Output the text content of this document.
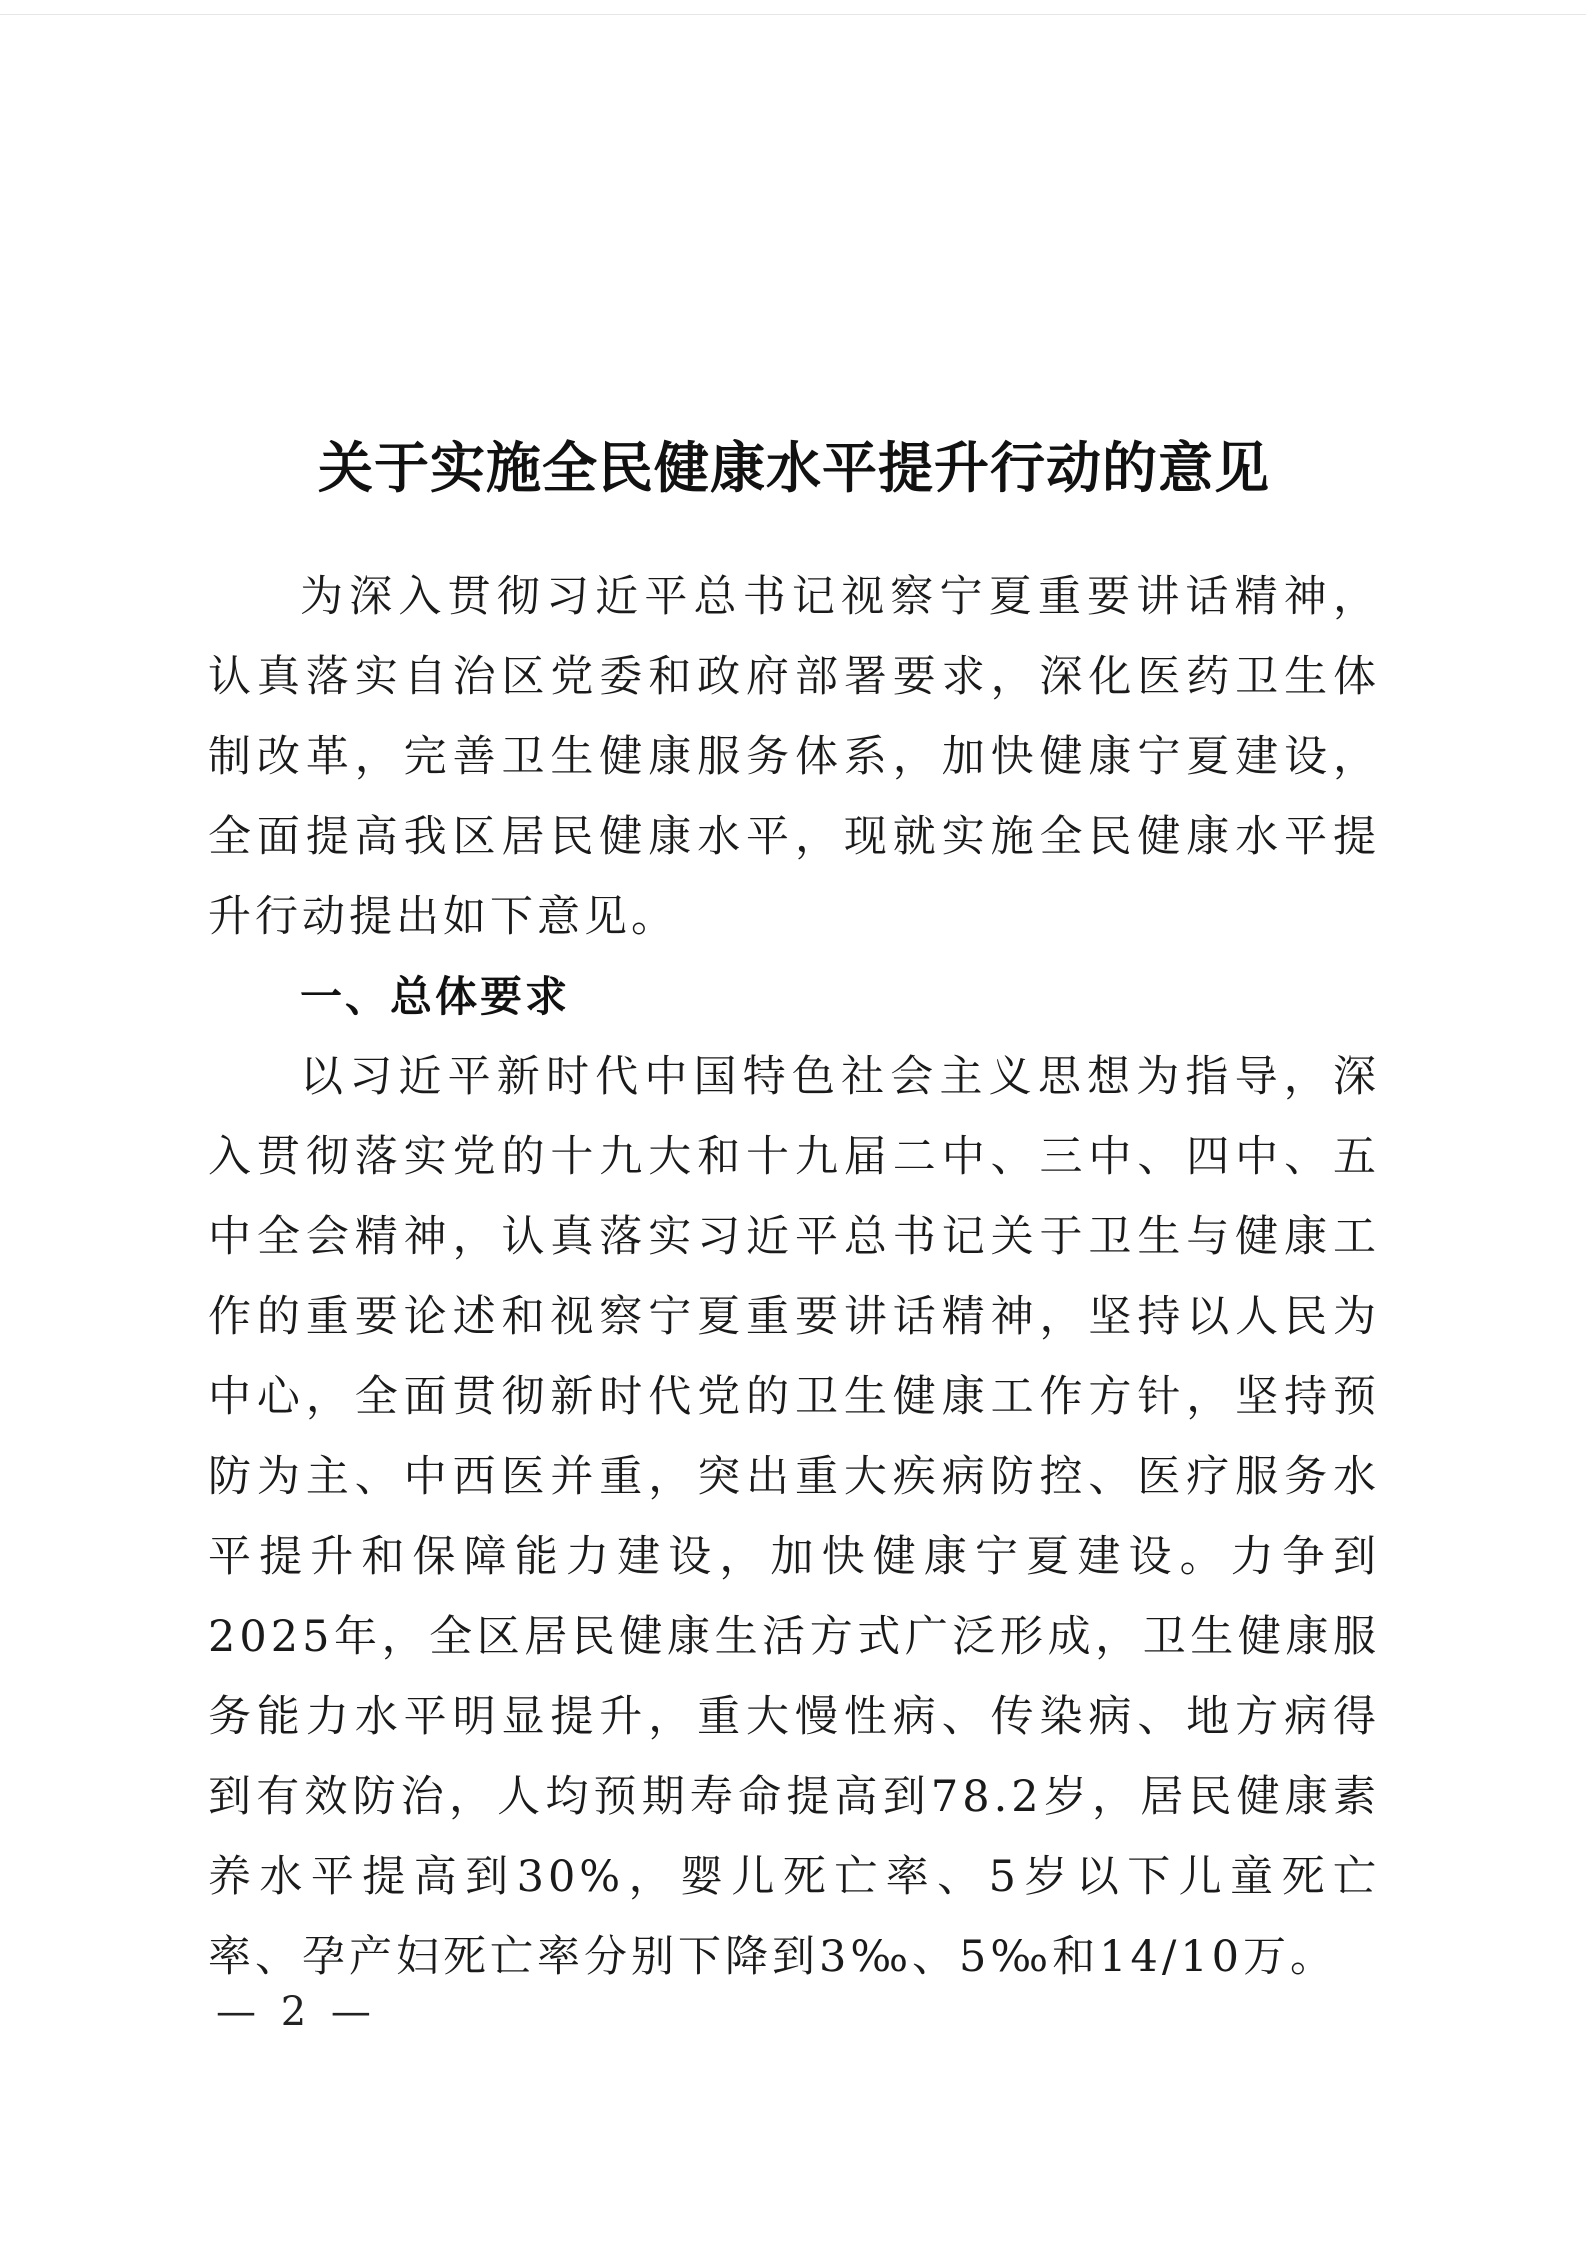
关于实施全民健康水平提升行动的意见

为深入贯彻习近平总书记视察宁夏重要讲话精神，认真落实自治区党委和政府部署要求，深化医药卫生体制改革，完善卫生健康服务体系，加快健康宁夏建设，全面提高我区居民健康水平，现就实施全民健康水平提升行动提出如下意见。

一、总体要求

以习近平新时代中国特色社会主义思想为指导，深入贯彻落实党的十九大和十九届二中、三中、四中、五中全会精神，认真落实习近平总书记关于卫生与健康工作的重要论述和视察宁夏重要讲话精神，坚持以人民为中心，全面贯彻新时代党的卫生健康工作方针，坚持预防为主、中西医并重，突出重大疾病防控、医疗服务水平提升和保障能力建设，加快健康宁夏建设。力争到2025年，全区居民健康生活方式广泛形成，卫生健康服务能力水平明显提升，重大慢性病、传染病、地方病得到有效防治，人均预期寿命提高到78.2岁，居民健康素养水平提高到30%，婴儿死亡率、5岁以下儿童死亡率、孕产妇死亡率分别下降到3‰、5‰和14/10万。

— 2 —
